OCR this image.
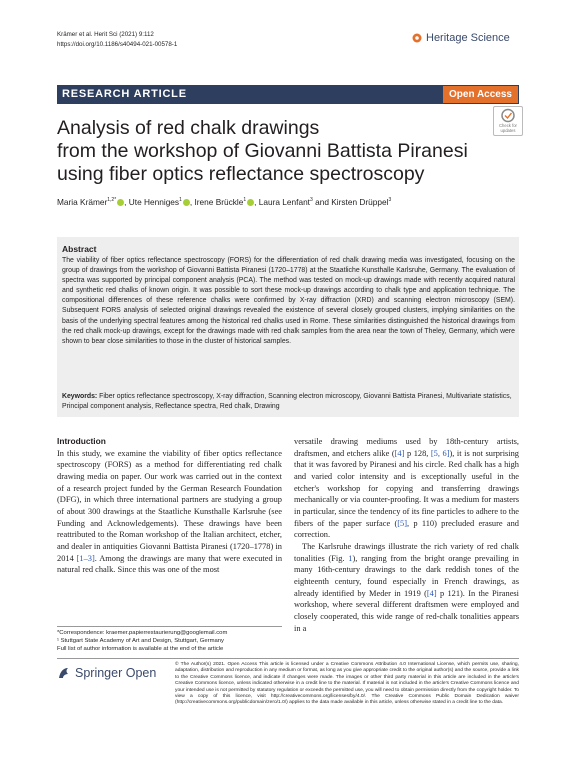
Krämer et al. Herit Sci (2021) 9:112
https://doi.org/10.1186/s40494-021-00578-1
Heritage Science
RESEARCH ARTICLE	Open Access
Check for
updates
Analysis of red chalk drawings
from the workshop of Giovanni Battista Piranesi
using fiber optics reflectance spectroscopy
Maria Krämer$^{1,2*}$ , Ute Henniges$^1$ , Irene Brückle$^1$ , Laura Lenfant$^3$ and Kirsten Drüppel$^3$
Abstract
The viability of fiber optics reflectance spectroscopy (FORS) for the differentiation of red chalk drawing media was investigated, focusing on the group of drawings from the workshop of Giovanni Battista Piranesi (1720–1778) at the Staatliche Kunsthalle Karlsruhe, Germany. The evaluation of spectra was supported by principal component analysis (PCA). The method was tested on mock-up drawings made with recently acquired natural and synthetic red chalks of known origin. It was possible to sort these mock-up drawings according to chalk type and application technique. The compositional differences of these reference chalks were confirmed by X-ray diffraction (XRD) and scanning electron microscopy (SEM). Subsequent FORS analysis of selected original drawings revealed the existence of several closely grouped clusters, implying similarities on the basis of the underlying spectral features among the historical red chalks used in Rome. These similarities distinguished the historical drawings from the red chalk mock-up drawings, except for the drawings made with red chalk samples from the area near the town of Theley, Germany, which were shown to bear close similarities to those in the cluster of historical samples.
Keywords: Fiber optics reflectance spectroscopy, X-ray diffraction, Scanning electron microscopy, Giovanni Battista Piranesi, Multivariate statistics, Principal component analysis, Reflectance spectra, Red chalk, Drawing
Introduction
In this study, we examine the viability of fiber optics reflectance spectroscopy (FORS) as a method for differentiating red chalk drawing media on paper. Our work was carried out in the context of a research project funded by the German Research Foundation (DFG), in which three international partners are studying a group of about 300 drawings at the Staatliche Kunsthalle Karlsruhe (see Funding and Acknowledgements). These drawings have been reattributed to the Roman workshop of the Italian architect, etcher, and dealer in antiquities Giovanni Battista Piranesi (1720–1778) in 2014 [1–3]. Among the drawings are many that were executed in natural red chalk. Since this was one of the most
versatile drawing mediums used by 18th-century artists, draftsmen, and etchers alike ([4] p 128, [5, 6]), it is not surprising that it was favored by Piranesi and his circle. Red chalk has a high and varied color intensity and is exceptionally useful in the etcher's workshop for copying and transferring drawings mechanically or via counter-proofing. It was a medium for masters in particular, since the tendency of its fine particles to adhere to the fibers of the paper surface ([5], p 110) precluded erasure and correction.
The Karlsruhe drawings illustrate the rich variety of red chalk tonalities (Fig. 1), ranging from the bright orange prevailing in many 16th-century drawings to the dark reddish tones of the eighteenth century, found especially in French drawings, as already identified by Meder in 1919 ([4] p 121). In the Piranesi workshop, where several different draftsmen were employed and closely cooperated, this wide range of red-chalk tonalities appears in a
*Correspondence: kraemer.papierrestaurierung@googlemail.com
¹ Stuttgart State Academy of Art and Design, Stuttgart, Germany
Full list of author information is available at the end of the article
Springer Open
© The Author(s) 2021. Open Access This article is licensed under a Creative Commons Attribution 4.0 International License, which permits use, sharing, adaptation, distribution and reproduction in any medium or format, as long as you give appropriate credit to the original author(s) and the source, provide a link to the Creative Commons licence, and indicate if changes were made. The images or other third party material in this article are included in the article's Creative Commons licence, unless indicated otherwise in a credit line to the material. If material is not included in the article's Creative Commons licence and your intended use is not permitted by statutory regulation or exceeds the permitted use, you will need to obtain permission directly from the copyright holder. To view a copy of this licence, visit http://creativecommons.org/licenses/by/4.0/. The Creative Commons Public Domain Dedication waiver (http://creativecommons.org/publicdomain/zero/1.0/) applies to the data made available in this article, unless otherwise stated in a credit line to the data.
